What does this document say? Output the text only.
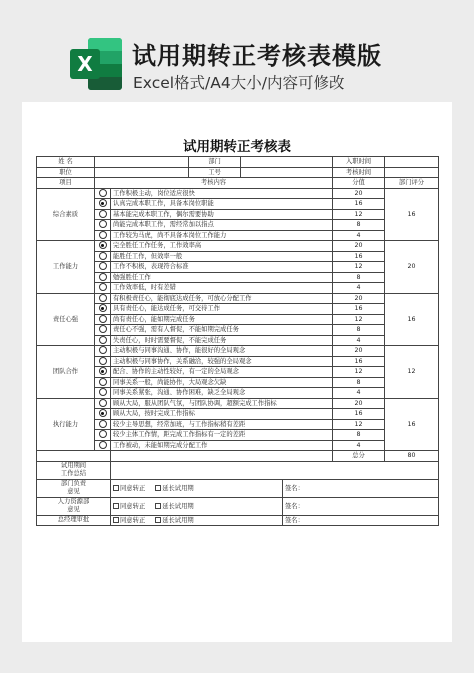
X	试用期转正考核表模版
Excel格式/A4大小/内容可修改
试用期转正考核表
姓 名			部门			入职时间	
职位			工号			考核时间	
项目	考核内容					分值	部门评分
综合素质		工作积极主动，岗位适应很快				20	16
		认真完成本职工作，具备本岗位职能				16	
		基本能完成本职工作，偶尔需要协助				12	
		尚能完成本职工作，需经常加以指点				8	
		工作较为马虎，尚不具备本岗位工作能力				4	
工作能力		完全胜任工作任务，工作效率高				20	20
		能胜任工作，但效率一般				16	
		工作不积极，表现符合标准				12	
		勉强胜任工作				8	
		工作效率低，时有差错				4	
责任心强		有积极责任心，能彻底达成任务，可放心分配工作				20	16
		具有责任心，能达成任务，可交待工作				16	
		尚有责任心，能如期完成任务				12	
		责任心不强，需有人督促，不能如期完成任务				8	
		失责任心，时时需要督促，不能完成任务				4	
团队合作		主动积极与同事沟通、协作，能很好的全局观念				20	12
		主动积极与同事协作，关系融洽，较强的全局观念				16	
		配合、协作的主动性较好，有一定的全局观念				12	
		同事关系一般，尚能协作，大局观念欠缺				8	
		同事关系紧张，沟通、协作困难，缺乏全局观念				4	
执行能力		顾从大局，服从团队气氛，与团队协调，超额完成工作指标				20	16
		顾从大局，按时完成工作指标				16	
		较少主导思想，经常加班，与工作指标稍有差距				12	
		较少主体工作情，距完成工作指标有一定的差距				8	
		工作被动，未能如期完成分配工作				4	
						总分	80
试用期间
工作总结							
部门负责
意见		同意转正 延长试用期			签名：		
人力资源部
意见		同意转正 延长试用期			签名：		
总经理审批		同意转正 延长试用期			签名：		
